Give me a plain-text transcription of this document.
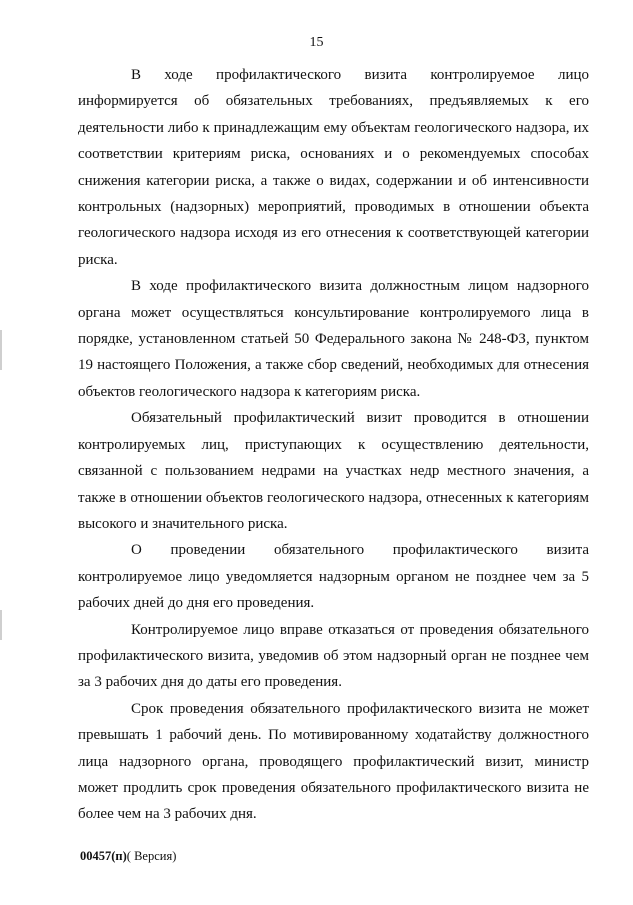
15

В ходе профилактического визита контролируемое лицо информируется об обязательных требованиях, предъявляемых к его деятельности либо к принадлежащим ему объектам геологического надзора, их соответствии критериям риска, основаниях и о рекомендуемых способах снижения категории риска, а также о видах, содержании и об интенсивности контрольных (надзорных) мероприятий, проводимых в отношении объекта геологического надзора исходя из его отнесения к соответствующей категории риска.

В ходе профилактического визита должностным лицом надзорного органа может осуществляться консультирование контролируемого лица в порядке, установленном статьей 50 Федерального закона № 248-ФЗ, пунктом 19 настоящего Положения, а также сбор сведений, необходимых для отнесения объектов геологического надзора к категориям риска.

Обязательный профилактический визит проводится в отношении контролируемых лиц, приступающих к осуществлению деятельности, связанной с пользованием недрами на участках недр местного значения, а также в отношении объектов геологического надзора, отнесенных к категориям высокого и значительного риска.

О проведении обязательного профилактического визита контролируемое лицо уведомляется надзорным органом не позднее чем за 5 рабочих дней до дня его проведения.

Контролируемое лицо вправе отказаться от проведения обязательного профилактического визита, уведомив об этом надзорный орган не позднее чем за 3 рабочих дня до даты его проведения.

Срок проведения обязательного профилактического визита не может превышать 1 рабочий день. По мотивированному ходатайству должностного лица надзорного органа, проводящего профилактический визит, министр может продлить срок проведения обязательного профилактического визита не более чем на 3 рабочих дня.

00457(п)( Версия)
